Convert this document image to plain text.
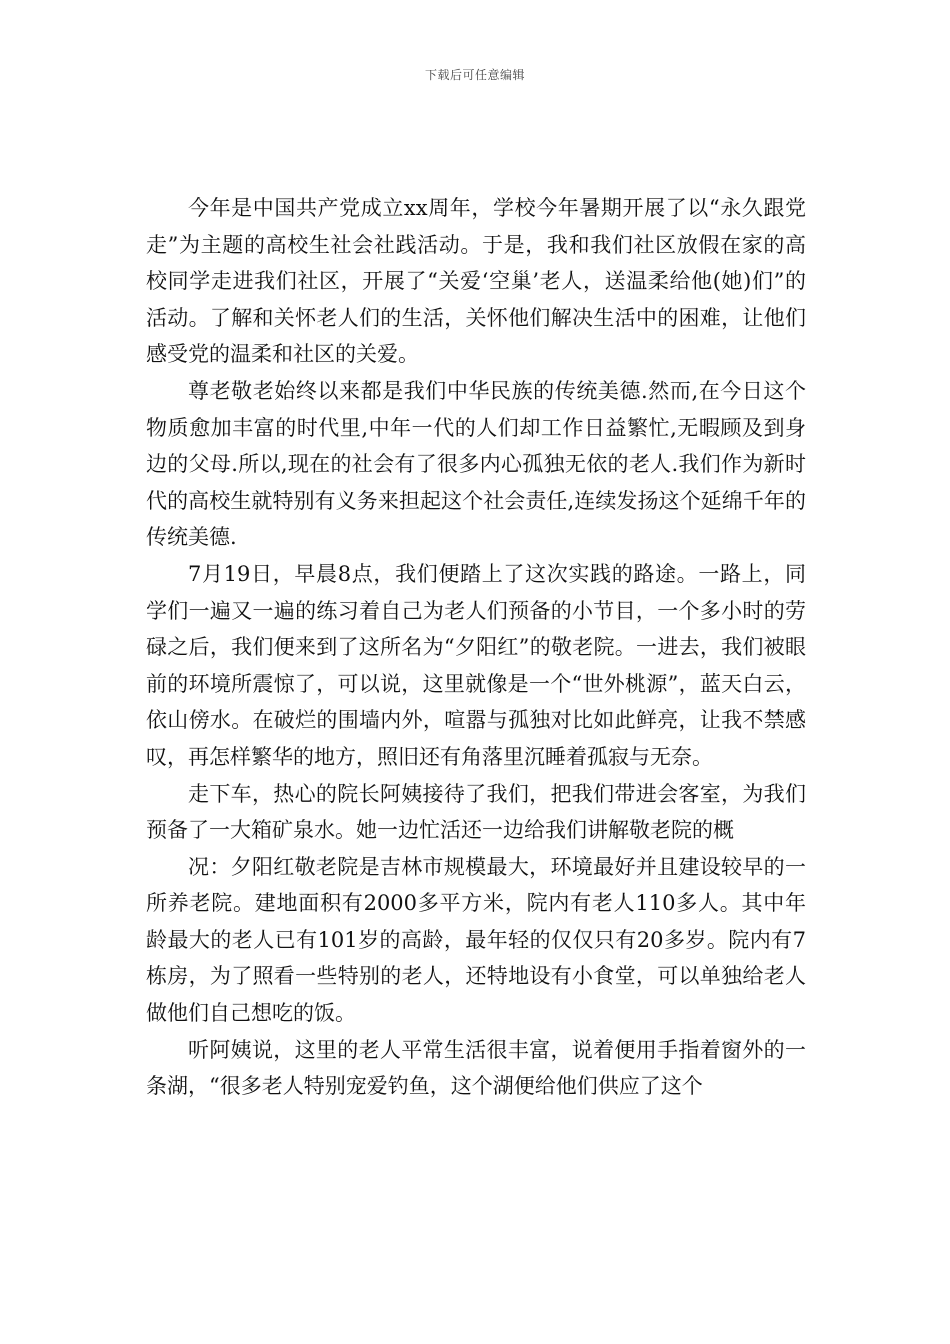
下载后可任意编辑

今年是中国共产党成立xx周年，学校今年暑期开展了以“永久跟党走”为主题的高校生社会社践活动。于是，我和我们社区放假在家的高校同学走进我们社区，开展了“关爱‘空巢’老人，送温柔给他(她)们”的活动。了解和关怀老人们的生活，关怀他们解决生活中的困难，让他们感受党的温柔和社区的关爱。

尊老敬老始终以来都是我们中华民族的传统美德.然而,在今日这个物质愈加丰富的时代里,中年一代的人们却工作日益繁忙,无暇顾及到身边的父母.所以,现在的社会有了很多内心孤独无依的老人.我们作为新时代的高校生就特别有义务来担起这个社会责任,连续发扬这个延绵千年的传统美德.

7月19日，早晨8点，我们便踏上了这次实践的路途。一路上，同学们一遍又一遍的练习着自己为老人们预备的小节目，一个多小时的劳碌之后，我们便来到了这所名为“夕阳红”的敬老院。一进去，我们被眼前的环境所震惊了，可以说，这里就像是一个“世外桃源”，蓝天白云，依山傍水。在破烂的围墙内外，喧嚣与孤独对比如此鲜亮，让我不禁感叹，再怎样繁华的地方，照旧还有角落里沉睡着孤寂与无奈。

走下车，热心的院长阿姨接待了我们，把我们带进会客室，为我们预备了一大箱矿泉水。她一边忙活还一边给我们讲解敬老院的概

况：夕阳红敬老院是吉林市规模最大，环境最好并且建设较早的一所养老院。建地面积有2000多平方米，院内有老人110多人。其中年龄最大的老人已有101岁的高龄，最年轻的仅仅只有20多岁。院内有7栋房，为了照看一些特别的老人，还特地设有小食堂，可以单独给老人做他们自己想吃的饭。

听阿姨说，这里的老人平常生活很丰富，说着便用手指着窗外的一条湖，“很多老人特别宠爱钓鱼，这个湖便给他们供应了这个
